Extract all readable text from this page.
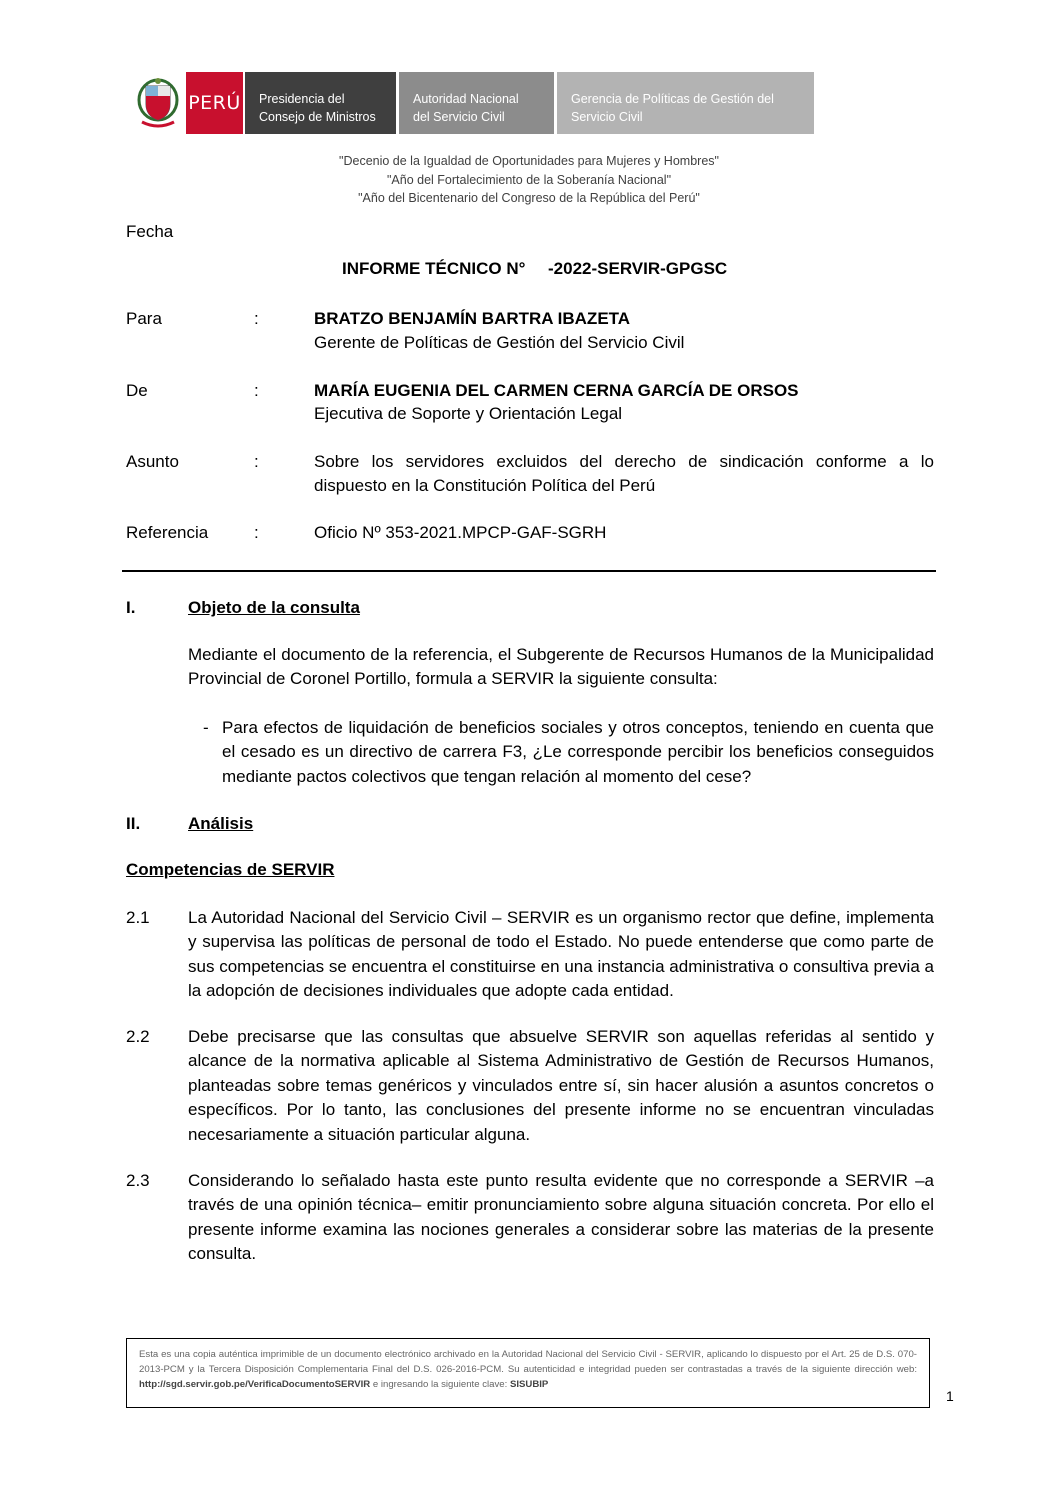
PERÚ Presidencia del
Consejo de Ministros
Autoridad Nacional
del Servicio Civil
Gerencia de Políticas de Gestión del
Servicio Civil
"Decenio de la Igualdad de Oportunidades para Mujeres y Hombres"
"Año del Fortalecimiento de la Soberanía Nacional"
"Año del Bicentenario del Congreso de la República del Perú"
Fecha
INFORME TÉCNICO N° -2022-SERVIR-GPGSC
Para	:	BRATZO BENJAMÍN BARTRA IBAZETA
Gerente de Políticas de Gestión del Servicio Civil
De	:	MARÍA EUGENIA DEL CARMEN CERNA GARCÍA DE ORSOS
Ejecutiva de Soporte y Orientación Legal
Asunto	:	Sobre los servidores excluidos del derecho de sindicación conforme a lo
dispuesto en la Constitución Política del Perú
Referencia	:	Oficio Nº 353-2021.MPCP-GAF-SGRH
I.	Objeto de la consulta
Mediante el documento de la referencia, el Subgerente de Recursos Humanos de la Municipalidad Provincial de Coronel Portillo, formula a SERVIR la siguiente consulta:
- Para efectos de liquidación de beneficios sociales y otros conceptos, teniendo en cuenta que el cesado es un directivo de carrera F3, ¿Le corresponde percibir los beneficios conseguidos mediante pactos colectivos que tengan relación al momento del cese?
II.	Análisis
Competencias de SERVIR
2.1 La Autoridad Nacional del Servicio Civil – SERVIR es un organismo rector que define, implementa y supervisa las políticas de personal de todo el Estado. No puede entenderse que como parte de sus competencias se encuentra el constituirse en una instancia administrativa o consultiva previa a la adopción de decisiones individuales que adopte cada entidad.
2.2 Debe precisarse que las consultas que absuelve SERVIR son aquellas referidas al sentido y alcance de la normativa aplicable al Sistema Administrativo de Gestión de Recursos Humanos, planteadas sobre temas genéricos y vinculados entre sí, sin hacer alusión a asuntos concretos o específicos. Por lo tanto, las conclusiones del presente informe no se encuentran vinculadas necesariamente a situación particular alguna.
2.3 Considerando lo señalado hasta este punto resulta evidente que no corresponde a SERVIR –a través de una opinión técnica– emitir pronunciamiento sobre alguna situación concreta. Por ello el presente informe examina las nociones generales a considerar sobre las materias de la presente consulta.
Esta es una copia auténtica imprimible de un documento electrónico archivado en la Autoridad Nacional del Servicio Civil - SERVIR, aplicando lo dispuesto por el Art. 25 de D.S. 070-2013-PCM y la Tercera Disposición Complementaria Final del D.S. 026-2016-PCM. Su autenticidad e integridad pueden ser contrastadas a través de la siguiente dirección web: http://sgd.servir.gob.pe/VerificaDocumentoSERVIR e ingresando la siguiente clave: SISUBIP
1
